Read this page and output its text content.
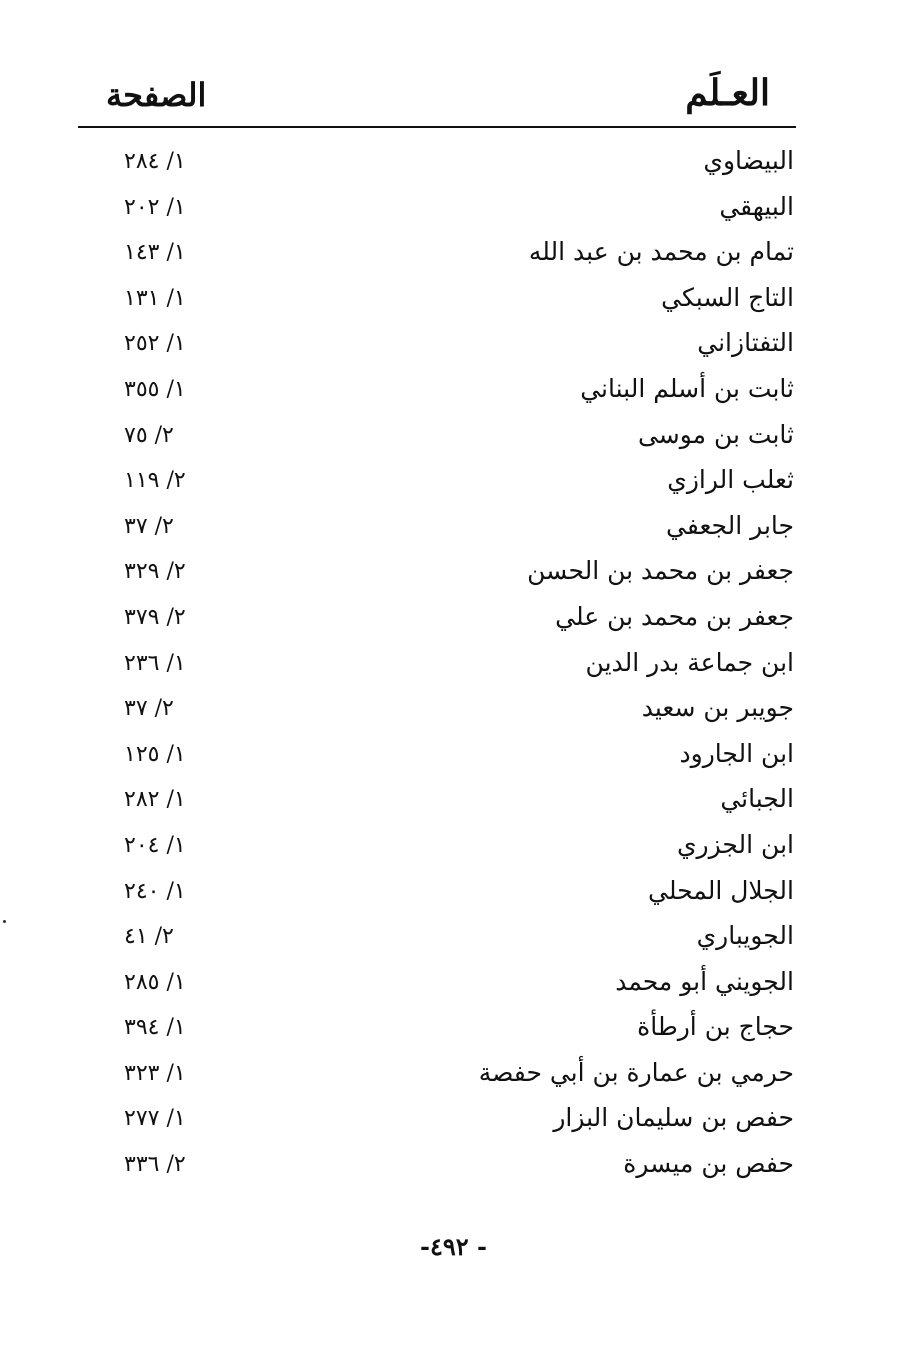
العـلَم
الصفحة
البيضاوي
١/ ٢٨٤
البيهقي
١/ ٢٠٢
تمام بن محمد بن عبد الله
١/ ١٤٣
التاج السبكي
١/ ١٣١
التفتازاني
١/ ٢٥٢
ثابت بن أسلم البناني
١/ ٣٥٥
ثابت بن موسى
٢/ ٧٥
ثعلب الرازي
٢/ ١١٩
جابر الجعفي
٢/ ٣٧
جعفر بن محمد بن الحسن
٢/ ٣٢٩
جعفر بن محمد بن علي
٢/ ٣٧٩
ابن جماعة بدر الدين
١/ ٢٣٦
جويبر بن سعيد
٢/ ٣٧
ابن الجارود
١/ ١٢٥
الجبائي
١/ ٢٨٢
ابن الجزري
١/ ٢٠٤
الجلال المحلي
١/ ٢٤٠
الجويباري
٢/ ٤١
الجويني أبو محمد
١/ ٢٨٥
حجاج بن أرطأة
١/ ٣٩٤
حرمي بن عمارة بن أبي حفصة
١/ ٣٢٣
حفص بن سليمان البزار
١/ ٢٧٧
حفص بن ميسرة
٢/ ٣٣٦
- ٤٩٢-
